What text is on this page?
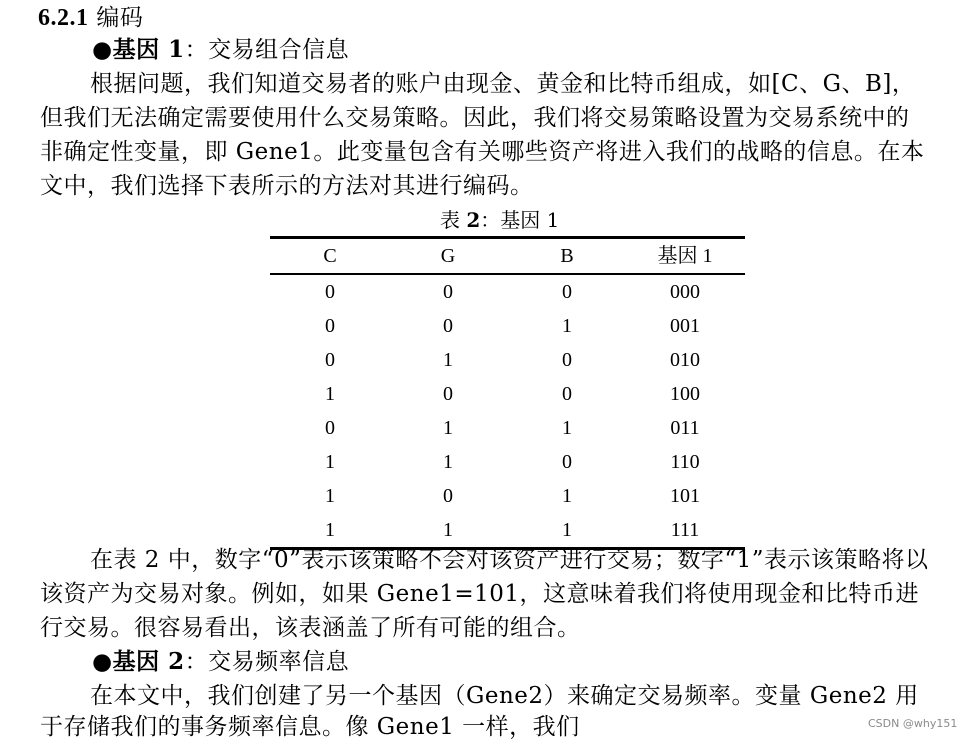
6.2.1 编码
●基因 1：交易组合信息
根据问题，我们知道交易者的账户由现金、黄金和比特币组成，如[C、G、B]，
但我们无法确定需要使用什么交易策略。因此，我们将交易策略设置为交易系统中的
非确定性变量，即 Gene1。此变量包含有关哪些资产将进入我们的战略的信息。在本
文中，我们选择下表所示的方法对其进行编码。
表 2：基因 1
C	G	B	基因 1
0	0	0	000
0	0	1	001
0	1	0	010
1	0	0	100
0	1	1	011
1	1	0	110
1	0	1	101
1	1	1	111
在表 2 中，数字“0”表示该策略不会对该资产进行交易；数字“1”表示该策略将以
该资产为交易对象。例如，如果 Gene1=101，这意味着我们将使用现金和比特币进
行交易。很容易看出，该表涵盖了所有可能的组合。
●基因 2：交易频率信息
在本文中，我们创建了另一个基因（Gene2）来确定交易频率。变量 Gene2 用
于存储我们的事务频率信息。像 Gene1 一样，我们	CSDN @why151
